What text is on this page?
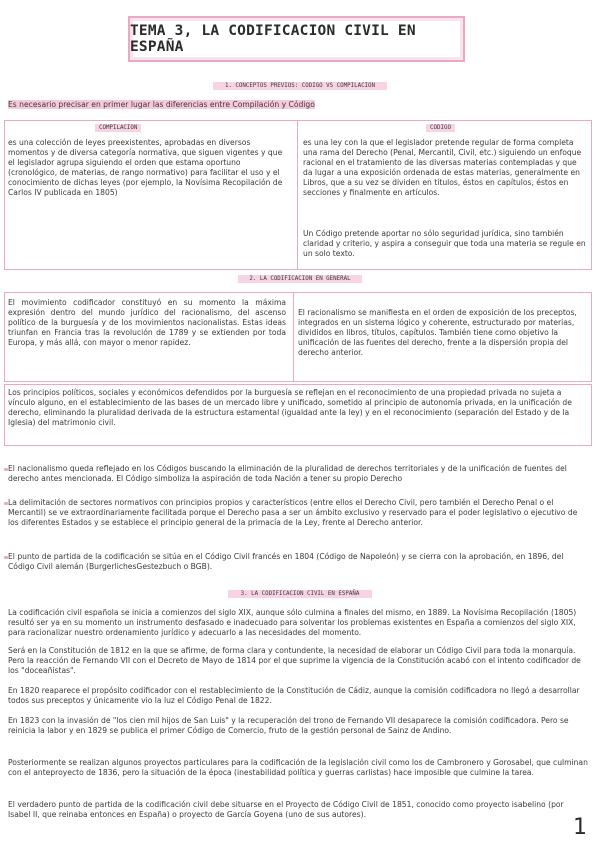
TEMA 3, LA CODIFICACION CIVIL EN ESPAÑA
1. CONCEPTOS PREVIOS: CODIGO VS COMPILACION
Es necesario precisar en primer lugar las diferencias entre Compilación y Código
COMPILACION	CODIGO
es una colección de leyes preexistentes, aprobadas en diversos momentos y de diversa categoría normativa, que siguen vigentes y que el legislador agrupa siguiendo el orden que estama oportuno (cronológico, de materias, de rango normativo) para facilitar el uso y el conocimiento de dichas leyes (por ejemplo, la Novísima Recopilación de Carlos IV publicada en 1805)
es una ley con la que el legislador pretende regular de forma completa una rama del Derecho (Penal, Mercantil, Civil, etc.) siguiendo un enfoque racional en el tratamiento de las diversas materias contempladas y que da lugar a una exposición ordenada de estas materias, generalmente en Libros, que a su vez se dividen en títulos, éstos en capítulos, éstos en secciones y finalmente en artículos.
Un Código pretende aportar no sólo seguridad jurídica, sino también claridad y criterio, y aspira a conseguir que toda una materia se regule en un solo texto.
2. LA CODIFICACION EN GENERAL
El movimiento codificador constituyó en su momento la máxima expresión dentro del mundo jurídico del racionalismo, del ascenso político de la burguesía y de los movimientos nacionalistas. Estas ideas triunfan en Francia tras la revolución de 1789 y se extienden por toda Europa, y más allá, con mayor o menor rapidez.
El racionalismo se manifiesta en el orden de exposición de los preceptos, integrados en un sistema lógico y coherente, estructurado por materias, divididos en libros, títulos, capítulos. También tiene como objetivo la unificación de las fuentes del derecho, frente a la dispersión propia del derecho anterior.
Los principios políticos, sociales y económicos defendidos por la burguesía se reflejan en el reconocimiento de una propiedad privada no sujeta a vínculo alguno, en el establecimiento de las bases de un mercado libre y unificado, sometido al principio de autonomía privada, en la unificación de derecho, eliminando la pluralidad derivada de la estructura estamental (igualdad ante la ley) y en el reconocimiento (separación del Estado y de la Iglesia) del matrimonio civil.
El nacionalismo queda reflejado en los Códigos buscando la eliminación de la pluralidad de derechos territoriales y de la unificación de fuentes del derecho antes mencionada. El Código simboliza la aspiración de toda Nación a tener su propio Derecho
La delimitación de sectores normativos con principios propios y característicos (entre ellos el Derecho Civil, pero también el Derecho Penal o el Mercantil) se ve extraordinariamente facilitada porque el Derecho pasa a ser un ámbito exclusivo y reservado para el poder legislativo o ejecutivo de los diferentes Estados y se establece el principio general de la primacía de la Ley, frente al Derecho anterior.
El punto de partida de la codificación se sitúa en el Código Civil francés en 1804 (Código de Napoleón) y se cierra con la aprobación, en 1896, del Código Civil alemán (BurgerlichesGestezbuch o BGB).
3. LA CODIFICACION CIVIL EN ESPAÑA
La codificación civil española se inicia a comienzos del siglo XIX, aunque sólo culmina a finales del mismo, en 1889. La Novísima Recopilación (1805) resultó ser ya en su momento un instrumento desfasado e inadecuado para solventar los problemas existentes en España a comienzos del siglo XIX, para racionalizar nuestro ordenamiento jurídico y adecuarlo a las necesidades del momento.
Será en la Constitución de 1812 en la que se afirme, de forma clara y contundente, la necesidad de elaborar un Código Civil para toda la monarquía. Pero la reacción de Fernando VII con el Decreto de Mayo de 1814 por el que suprime la vigencia de la Constitución acabó con el intento codificador de los "doceañistas".
En 1820 reaparece el propósito codificador con el restablecimiento de la Constitución de Cádiz, aunque la comisión codificadora no llegó a desarrollar todos sus preceptos y únicamente vio la luz el Código Penal de 1822.
En 1823 con la invasión de "los cien mil hijos de San Luis" y la recuperación del trono de Fernando VII desaparece la comisión codificadora. Pero se reinicia la labor y en 1829 se publica el primer Código de Comercio, fruto de la gestión personal de Sainz de Andino.
Posteriormente se realizan algunos proyectos particulares para la codificación de la legislación civil como los de Cambronero y Gorosabel, que culminan con el anteproyecto de 1836, pero la situación de la época (inestabilidad política y guerras carlistas) hace imposible que culmine la tarea.
El verdadero punto de partida de la codificación civil debe situarse en el Proyecto de Código Civil de 1851, conocido como proyecto isabelino (por Isabel II, que reinaba entonces en España) o proyecto de García Goyena (uno de sus autores).
1
